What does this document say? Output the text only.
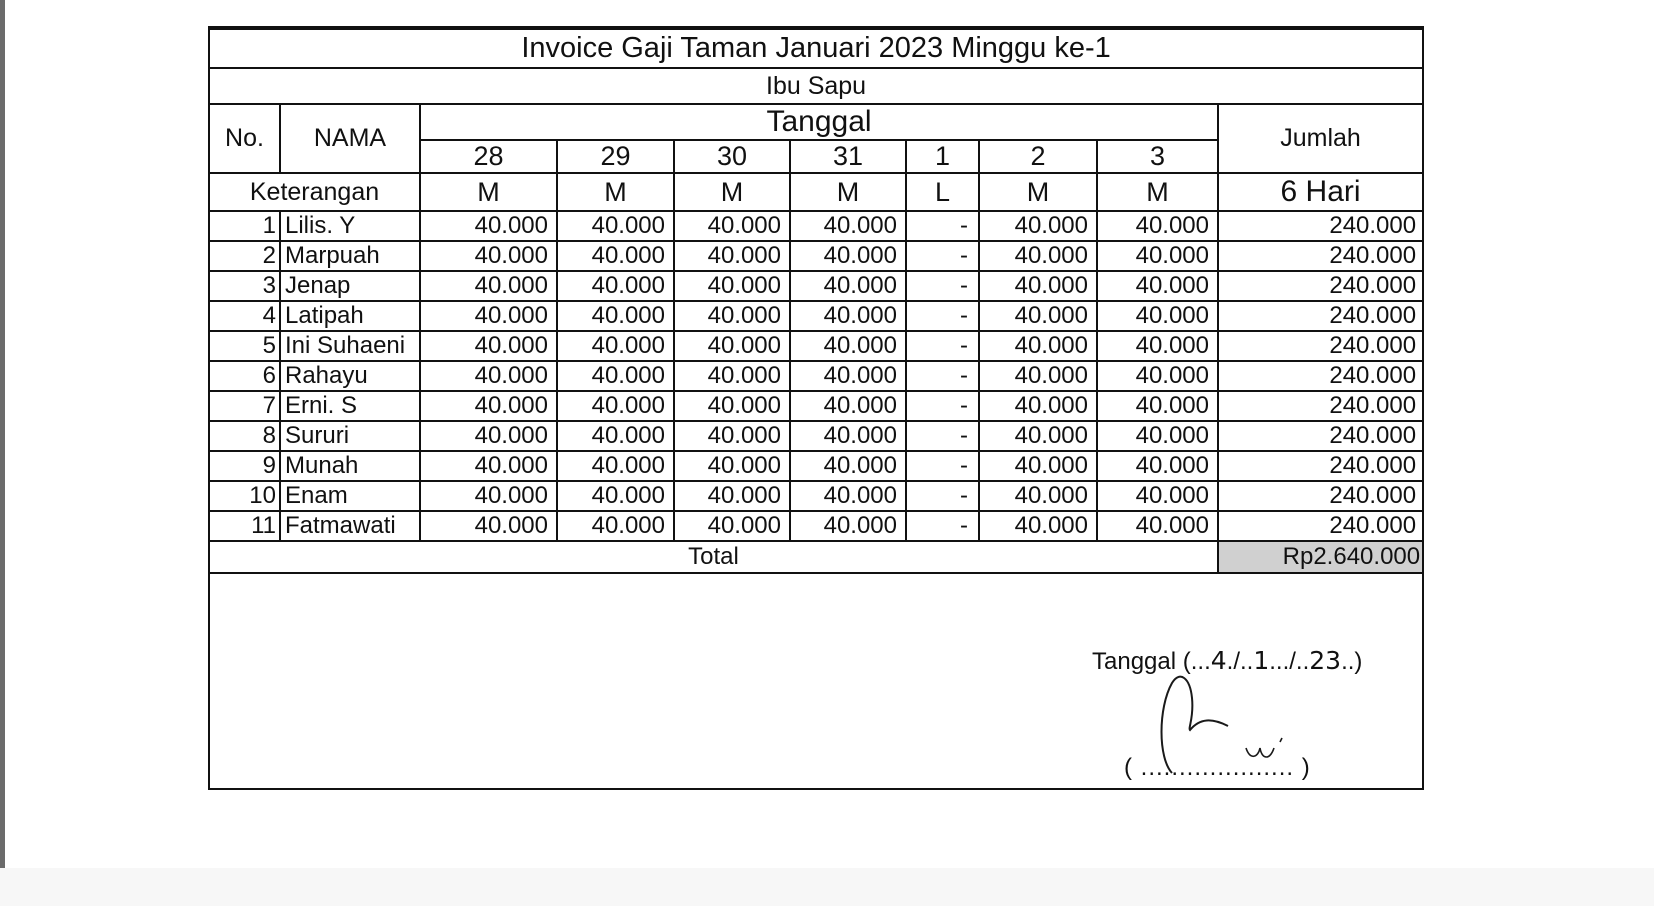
Invoice Gaji Taman Januari 2023 Minggu ke-1									
Ibu Sapu									
No.	NAMA	Tanggal							Jumlah
		28	29	30	31	1	2	3	
Keterangan		M	M	M	M	L	M	M	6 Hari
1	Lilis. Y	40.000	40.000	40.000	40.000	-	40.000	40.000	240.000
2	Marpuah	40.000	40.000	40.000	40.000	-	40.000	40.000	240.000
3	Jenap	40.000	40.000	40.000	40.000	-	40.000	40.000	240.000
4	Latipah	40.000	40.000	40.000	40.000	-	40.000	40.000	240.000
5	Ini Suhaeni	40.000	40.000	40.000	40.000	-	40.000	40.000	240.000
6	Rahayu	40.000	40.000	40.000	40.000	-	40.000	40.000	240.000
7	Erni. S	40.000	40.000	40.000	40.000	-	40.000	40.000	240.000
8	Sururi	40.000	40.000	40.000	40.000	-	40.000	40.000	240.000
9	Munah	40.000	40.000	40.000	40.000	-	40.000	40.000	240.000
10	Enam	40.000	40.000	40.000	40.000	-	40.000	40.000	240.000
11	Fatmawati	40.000	40.000	40.000	40.000	-	40.000	40.000	240.000
Total									Rp2.640.000
Tanggal (...4./..1.../..23..)
( .................... )
